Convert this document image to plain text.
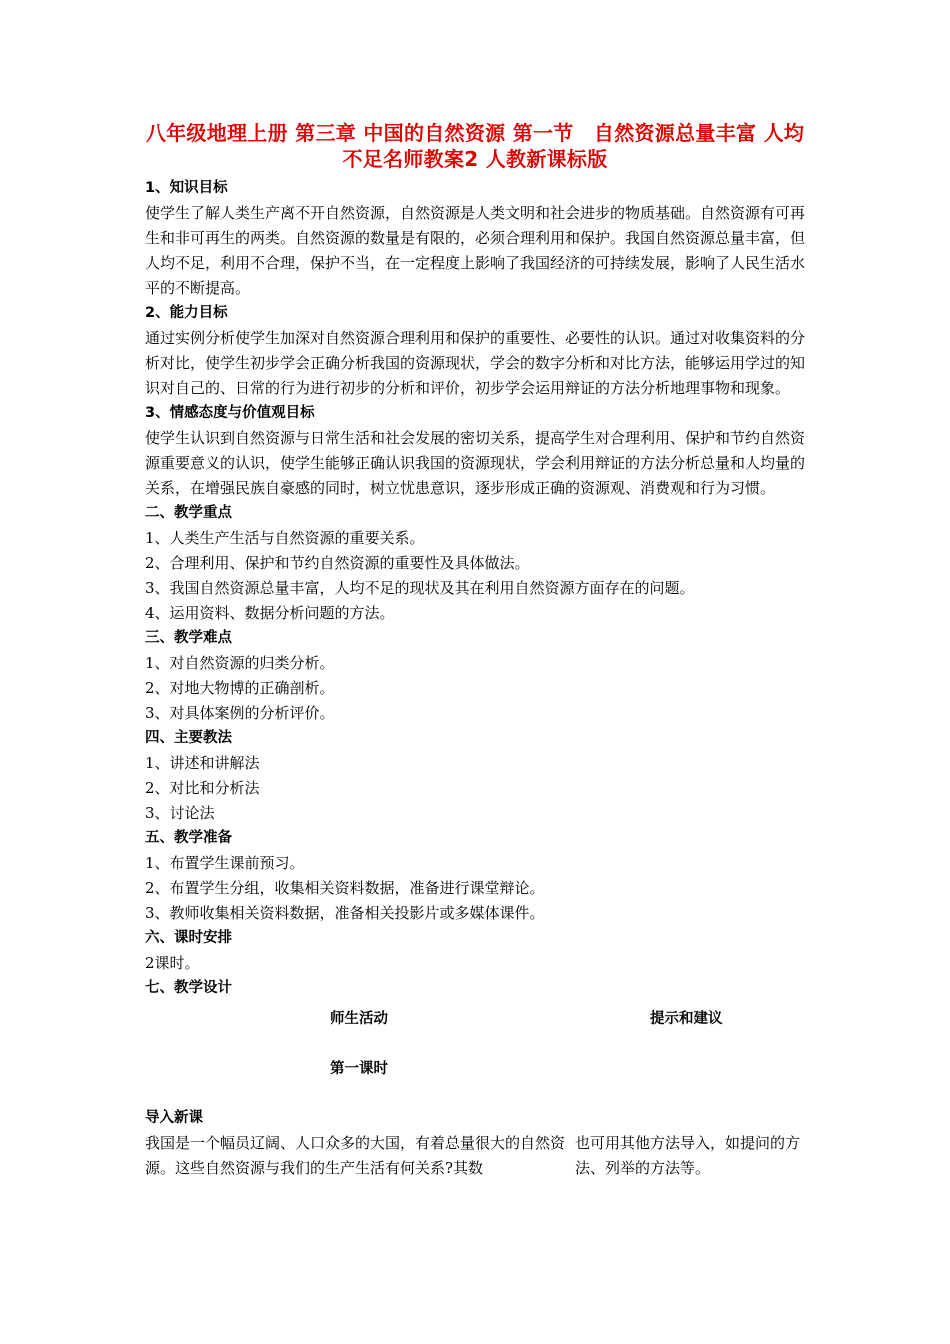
八年级地理上册 第三章 中国的自然资源 第一节　自然资源总量丰富 人均不足名师教案2 人教新课标版
1、知识目标
使学生了解人类生产离不开自然资源，自然资源是人类文明和社会进步的物质基础。自然资源有可再生和非可再生的两类。自然资源的数量是有限的，必须合理利用和保护。我国自然资源总量丰富，但人均不足，利用不合理，保护不当，在一定程度上影响了我国经济的可持续发展，影响了人民生活水平的不断提高。
2、能力目标
通过实例分析使学生加深对自然资源合理利用和保护的重要性、必要性的认识。通过对收集资料的分析对比，使学生初步学会正确分析我国的资源现状，学会的数字分析和对比方法，能够运用学过的知识对自己的、日常的行为进行初步的分析和评价，初步学会运用辩证的方法分析地理事物和现象。
3、情感态度与价值观目标
使学生认识到自然资源与日常生活和社会发展的密切关系，提高学生对合理利用、保护和节约自然资源重要意义的认识，使学生能够正确认识我国的资源现状，学会利用辩证的方法分析总量和人均量的关系，在增强民族自豪感的同时，树立忧患意识，逐步形成正确的资源观、消费观和行为习惯。
二、教学重点
1、人类生产生活与自然资源的重要关系。
2、合理利用、保护和节约自然资源的重要性及具体做法。
3、我国自然资源总量丰富，人均不足的现状及其在利用自然资源方面存在的问题。
4、运用资料、数据分析问题的方法。
三、教学难点
1、对自然资源的归类分析。
2、对地大物博的正确剖析。
3、对具体案例的分析评价。
四、主要教法
1、讲述和讲解法
2、对比和分析法
3、讨论法
五、教学准备
1、布置学生课前预习。
2、布置学生分组，收集相关资料数据，准备进行课堂辩论。
3、教师收集相关资料数据，准备相关投影片或多媒体课件。
六、课时安排
2课时。
七、教学设计
师生活动	提示和建议
第一课时
导入新课
我国是一个幅员辽阔、人口众多的大国，有着总量很大的自然资源。这些自然资源与我们的生产生活有何关系?其数
也可用其他方法导入，如提问的方法、列举的方法等。
